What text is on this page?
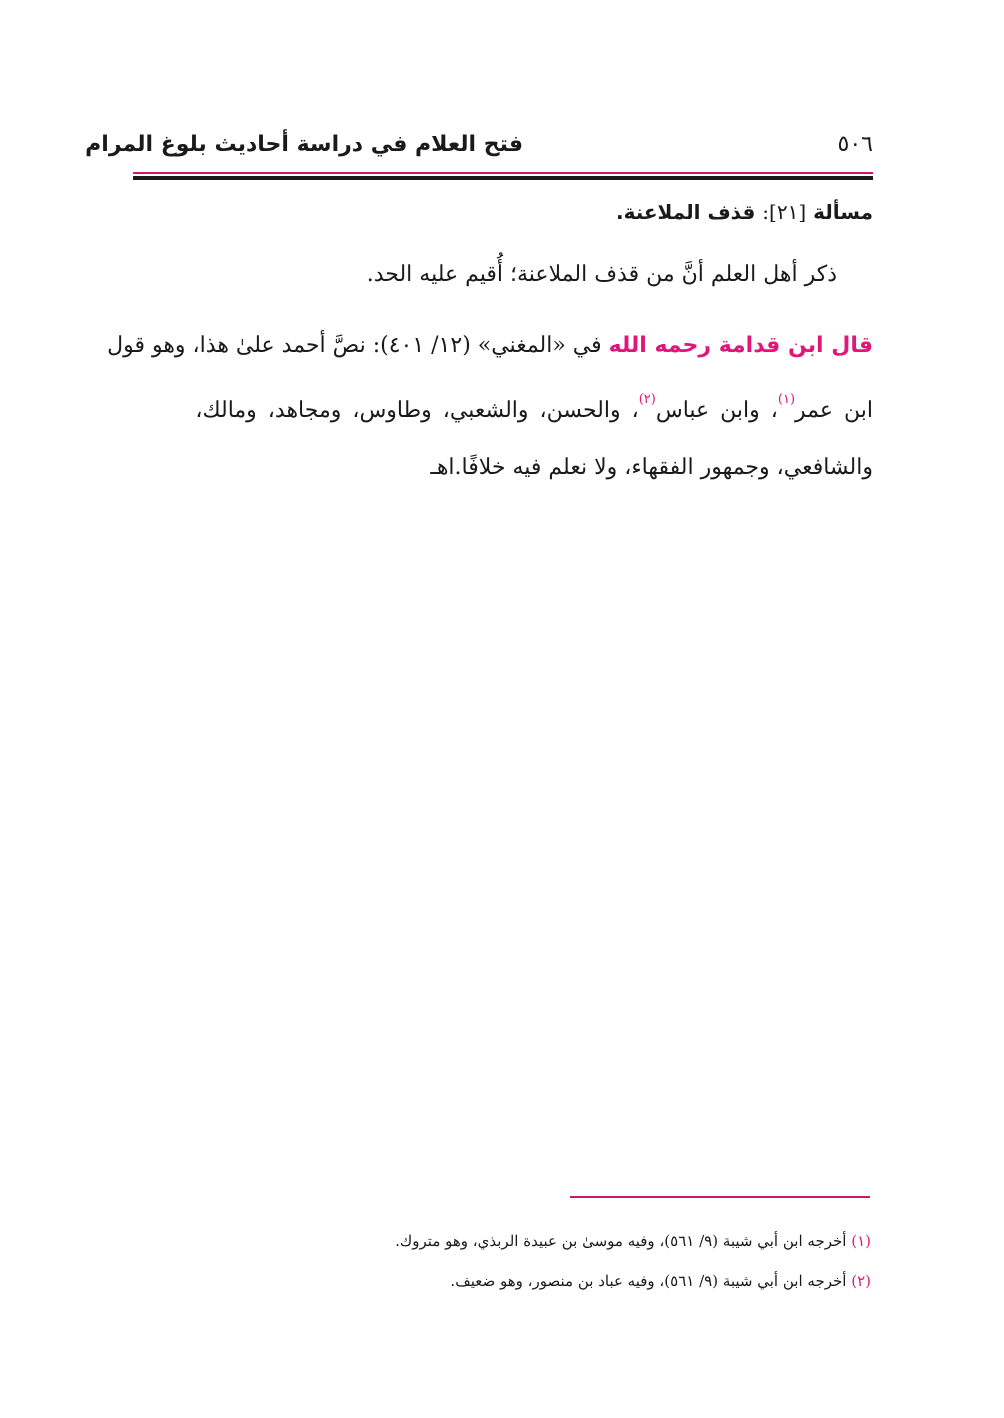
فتح العلام في دراسة أحاديث بلوغ المرام	٥٠٦
مسألة [٢١]: قذف الملاعنة.
ذكر أهل العلم أنَّ من قذف الملاعنة؛ أُقيم عليه الحد.
قال ابن قدامة رحمه الله في «المغني» (١٢/ ٤٠١): نصَّ أحمد علىٰ هذا، وهو قول
ابن عمر$^{(١)}$، وابن عباس$^{(٢)}$، والحسن، والشعبي، وطاوس، ومجاهد، ومالك،
والشافعي، وجمهور الفقهاء، ولا نعلم فيه خلافًا.اهـ
(١) أخرجه ابن أبي شيبة (٩/ ٥٦١)، وفيه موسىٰ بن عبيدة الربذي، وهو متروك.
(٢) أخرجه ابن أبي شيبة (٩/ ٥٦١)، وفيه عباد بن منصور، وهو ضعيف.
